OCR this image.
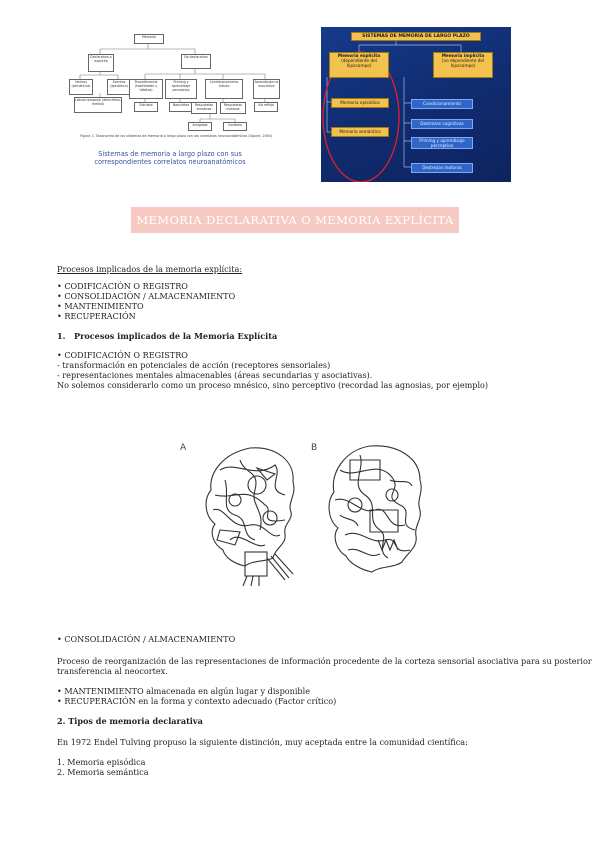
Memoria
Declarativa o explícita
No declarativa
Hechos (semántica)
Eventos (episódica)
Lóbulo temporal (diencéfalo-medial)
Procedimental (habilidades y hábitos)
Priming y aprendizaje perceptivo
Condicionamiento clásico
Aprendizaje no asociativo
Estriado	Neocórtex	Respuestas emotivas
Respuestas motoras
Vía refleja
Amígdala	Cerebelo
Figura 1. Taxonomía de los sistemas de memoria a largo plazo con los correlatos neuroanatómicos (Squire, 2004)
Sistemas de memoria a largo plazo con sus correspondientes correlatos neuroanatómicos
SISTEMAS DE MEMORIA DE LARGO PLAZO
Memoria explícita
(dependiente del hipocampo)
Memoria implícita
(no dependiente del hipocampo)
Memoria episódica
Memoria semántica
Condicionamiento
Destrezas cognitivas
Priming y aprendizaje perceptivo
Destrezas motoras
MEMORIA DECLARATIVA O MEMORIA EXPLÍCITA
Procesos implicados de la memoria explícita:
• CODIFICACIÓN O REGISTRO
• CONSOLIDACIÓN / ALMACENAMIENTO
• MANTENIMIENTO
• RECUPERACIÓN
1. Procesos implicados de la Memoria Explícita
• CODIFICACIÓN O REGISTRO
- transformación en potenciales de acción (receptores sensoriales)
- representaciones mentales almacenables (áreas secundarias y asociativas).
No solemos considerarlo como un proceso mnésico, sino perceptivo (recordad las agnosias, por ejemplo)
A	B
• CONSOLIDACIÓN / ALMACENAMIENTO
Proceso de reorganización de las representaciones de información procedente de la corteza sensorial asociativa para su posterior
transferencia al neocortex.
• MANTENIMIENTO almacenada en algún lugar y disponible
• RECUPERACIÓN en la forma y contexto adecuado (Factor crítico)
2. Tipos de memoria declarativa
En 1972 Endel Tulving propuso la siguiente distinción, muy aceptada entre la comunidad científica:
1. Memoria episódica
2. Memoria semántica
